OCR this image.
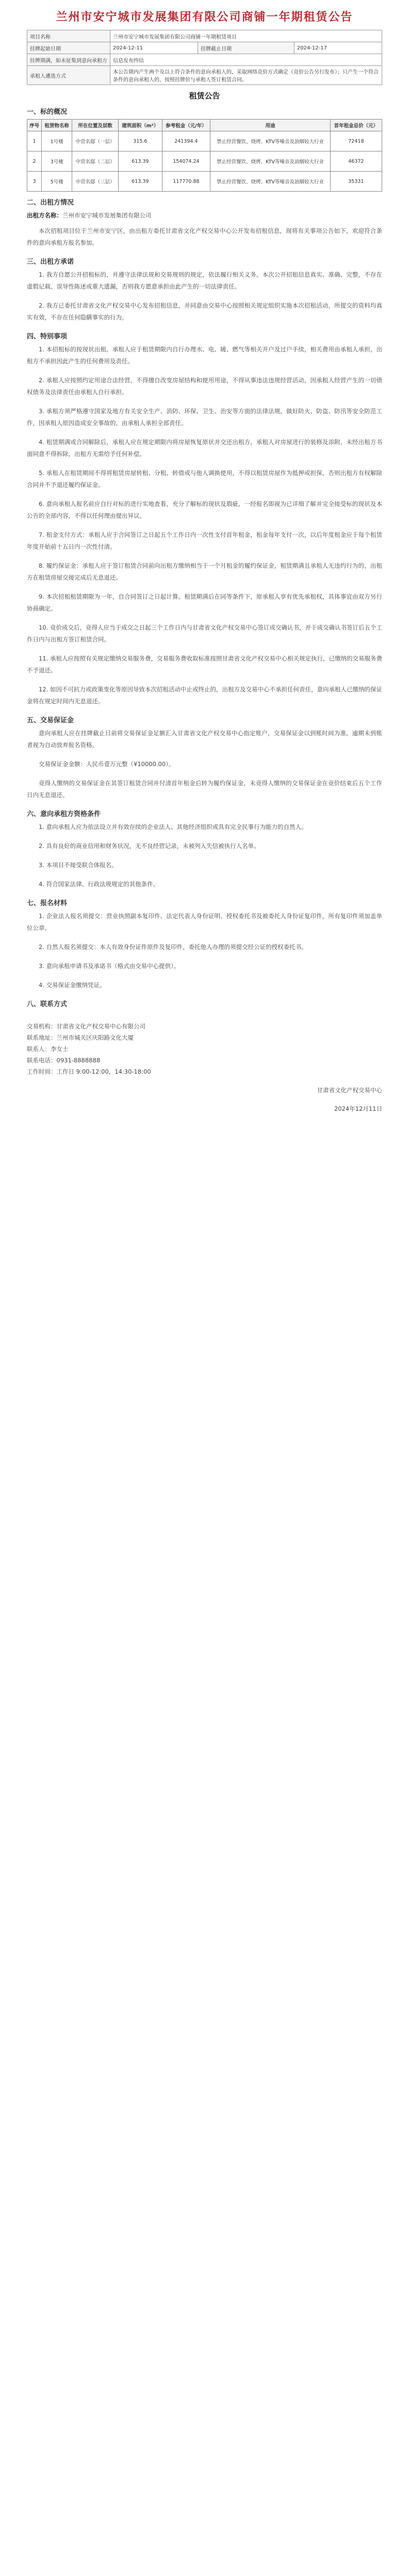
兰州市安宁城市发展集团有限公司商铺一年期租赁公告
项目名称	兰州市安宁城市发展集团有限公司商铺一年期租赁项目		
挂牌起始日期	2024-12-11	挂牌截止日期	2024-12-17
挂牌期满，如未征集到意向承租方	信息发布终结		
承租人遴选方式	本公告期内产生两个及以上符合条件的意向承租人的，采取网络竞价方式确定（竞价公告另行发布）；只产生一个符合条件的意向承租人的，按照挂牌价与承租人签订租赁合同。		
租赁公告
一、标的概况
序号	租赁物名称	所在位置及层数	建筑面积（m²）	参考租金（元/年）	用途	首年租金总价（元）
1	1号楼	中营名邸（一层）	315.6	241394.4	禁止经营餐饮、烧烤、KTV等噪音及油烟较大行业	72418
2	3号楼	中营名邸（二层）	613.39	154074.24	禁止经营餐饮、烧烤、KTV等噪音及油烟较大行业	46372
3	5号楼	中营名邸（三层）	613.39	117770.88	禁止经营餐饮、烧烤、KTV等噪音及油烟较大行业	35331
二、出租方情况

出租方名称：兰州市安宁城市发展集团有限公司

本次招租项目位于兰州市安宁区，由出租方委托甘肃省文化产权交易中心公开发布招租信息，现将有关事项公告如下，欢迎符合条件的意向承租方报名参加。

三、出租方承诺

1. 我方自愿公开招租标的，并遵守法律法规和交易规则的规定，依法履行相关义务。本次公开招租信息真实、准确、完整，不存在虚假记载、误导性陈述或重大遗漏，否则我方愿意承担由此产生的一切法律责任。

2. 我方已委托甘肃省文化产权交易中心发布招租信息，并同意由交易中心按照相关规定组织实施本次招租活动，所提交的资料均真实有效，不存在任何隐瞒事实的行为。

四、特别事项

1. 本招租标的按现状出租，承租人应于租赁期限内自行办理水、电、暖、燃气等相关开户及过户手续，相关费用由承租人承担，出租方不承担因此产生的任何费用及责任。

2. 承租人应按照约定用途合法经营，不得擅自改变房屋结构和使用用途，不得从事违法违规经营活动，因承租人经营产生的一切债权债务及法律责任由承租人自行承担。

3. 承租方须严格遵守国家及地方有关安全生产、消防、环保、卫生、治安等方面的法律法规，做好防火、防盗、防汛等安全防范工作，因承租人原因造成安全事故的，由承租人承担全部责任。

4. 租赁期满或合同解除后，承租人应在规定期限内将房屋恢复原状并交还出租方，承租人对房屋进行的装修及添附，未经出租方书面同意不得拆除，出租方无需给予任何补偿。

5. 承租人在租赁期间不得将租赁房屋转租、分租、转借或与他人调换使用，不得以租赁房屋作为抵押或担保，否则出租方有权解除合同并不予退还履约保证金。

6. 意向承租人报名前应自行对标的进行实地查看，充分了解标的现状及瑕疵，一经报名即视为已详细了解并完全接受标的现状及本公告的全部内容，不得以任何理由提出异议。

7. 租金支付方式：承租人应于合同签订之日起五个工作日内一次性支付首年租金，租金每年支付一次，以后年度租金应于每个租赁年度开始前十五日内一次性付清。

8. 履约保证金：承租人应于签订租赁合同前向出租方缴纳相当于一个月租金的履约保证金，租赁期满且承租人无违约行为的，出租方在租赁房屋交接完成后无息退还。

9. 本次招租租赁期限为一年，自合同签订之日起计算。租赁期满后在同等条件下，原承租人享有优先承租权，具体事宜由双方另行协商确定。

10. 竞价成交后，竞得人应当于成交之日起三个工作日内与甘肃省文化产权交易中心签订成交确认书，并于成交确认书签订后五个工作日内与出租方签订租赁合同。

11. 承租人应按照有关规定缴纳交易服务费，交易服务费收取标准按照甘肃省文化产权交易中心相关规定执行，已缴纳的交易服务费不予退还。

12. 如因不可抗力或政策变化等原因导致本次招租活动中止或终止的，出租方及交易中心不承担任何责任，意向承租人已缴纳的保证金将在规定时间内无息退还。

五、交易保证金

意向承租人应在挂牌截止日前将交易保证金足额汇入甘肃省文化产权交易中心指定账户，交易保证金以到账时间为准，逾期未到账者视为自动放弃报名资格。

交易保证金金额：人民币壹万元整（¥10000.00）。

竞得人缴纳的交易保证金在其签订租赁合同并付清首年租金后转为履约保证金，未竞得人缴纳的交易保证金在竞价结束后五个工作日内无息退还。

六、意向承租方资格条件

1. 意向承租人应为依法设立并有效存续的企业法人、其他经济组织或具有完全民事行为能力的自然人。

2. 具有良好的商业信用和财务状况，无不良经营记录，未被列入失信被执行人名单。

3. 本项目不接受联合体报名。

4. 符合国家法律、行政法规规定的其他条件。

七、报名材料

1. 企业法人报名须提交：营业执照副本复印件、法定代表人身份证明、授权委托书及被委托人身份证复印件，所有复印件须加盖单位公章。

2. 自然人报名须提交：本人有效身份证件原件及复印件，委托他人办理的须提交经公证的授权委托书。

3. 意向承租申请书及承诺书（格式由交易中心提供）。

4. 交易保证金缴纳凭证。

八、联系方式
交易机构：甘肃省文化产权交易中心有限公司
联系地址：兰州市城关区庆阳路文化大厦
联系人：李女士
联系电话：0931-8888888
工作时间：工作日 9:00-12:00，14:30-18:00
甘肃省文化产权交易中心
2024年12月11日
